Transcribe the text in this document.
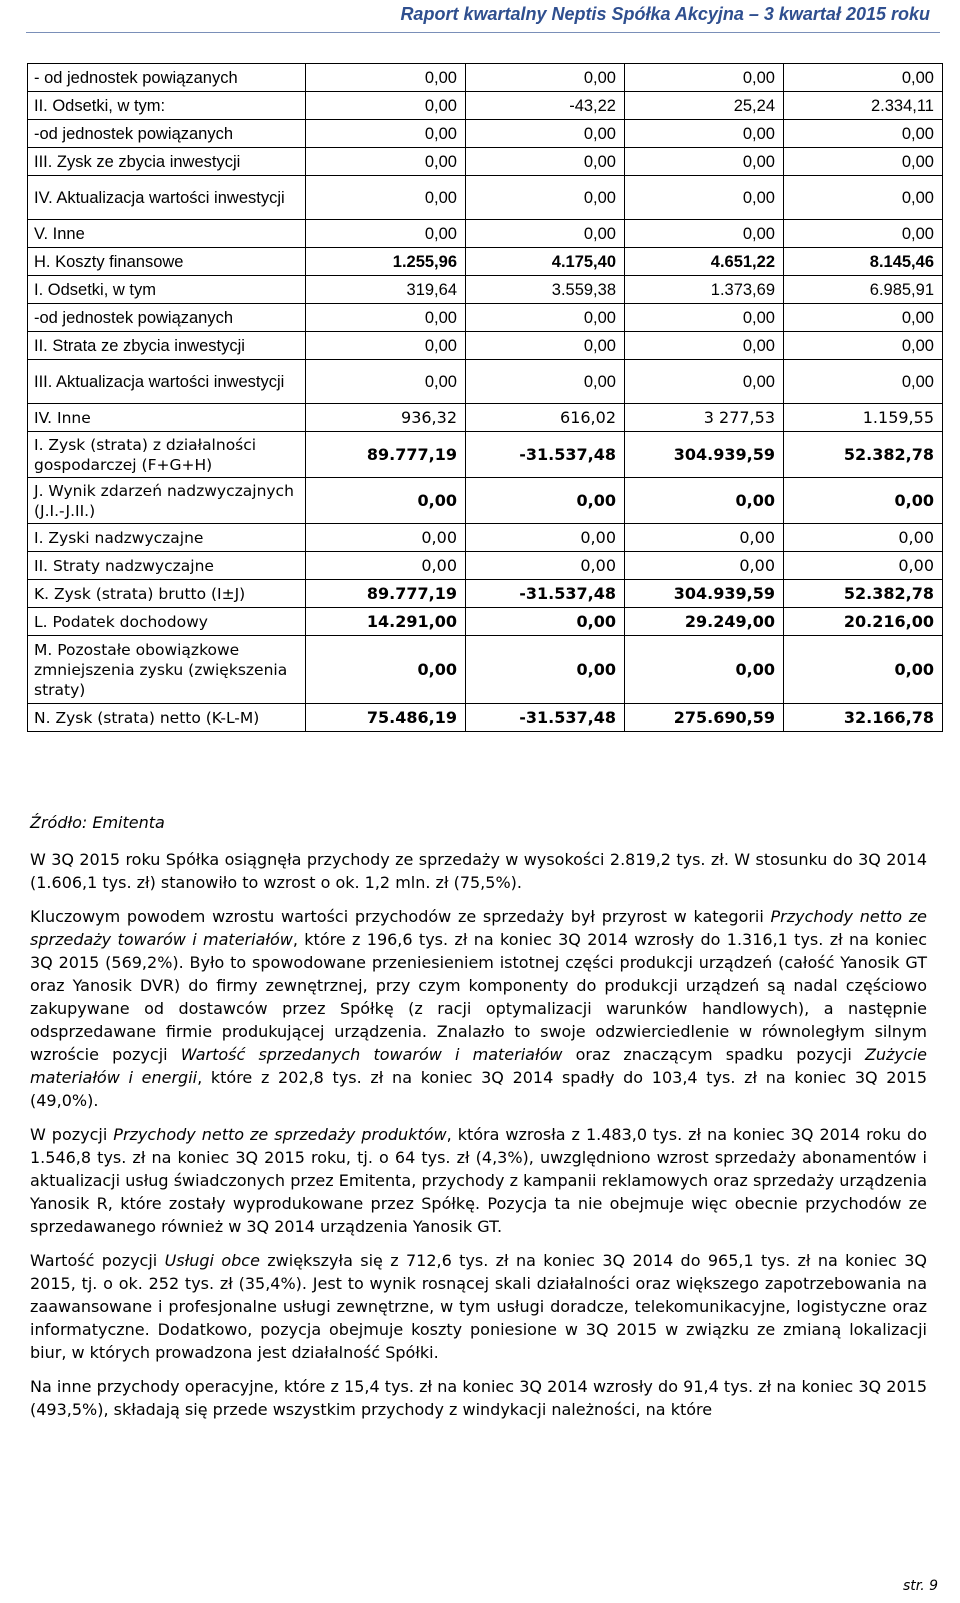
Raport kwartalny Neptis Spółka Akcyjna – 3 kwartał 2015 roku
- od jednostek powiązanych	0,00	0,00	0,00	0,00
II. Odsetki, w tym:	0,00	-43,22	25,24	2.334,11
-od jednostek powiązanych	0,00	0,00	0,00	0,00
III. Zysk ze zbycia inwestycji	0,00	0,00	0,00	0,00
IV. Aktualizacja wartości inwestycji	0,00	0,00	0,00	0,00
V. Inne	0,00	0,00	0,00	0,00
H. Koszty finansowe	1.255,96	4.175,40	4.651,22	8.145,46
I. Odsetki, w tym	319,64	3.559,38	1.373,69	6.985,91
-od jednostek powiązanych	0,00	0,00	0,00	0,00
II. Strata ze zbycia inwestycji	0,00	0,00	0,00	0,00
III. Aktualizacja wartości inwestycji	0,00	0,00	0,00	0,00
IV. Inne	936,32	616,02	3 277,53	1.159,55
I. Zysk (strata) z działalności gospodarczej (F+G+H)	89.777,19	-31.537,48	304.939,59	52.382,78
J. Wynik zdarzeń nadzwyczajnych (J.I.-J.II.)	0,00	0,00	0,00	0,00
I. Zyski nadzwyczajne	0,00	0,00	0,00	0,00
II. Straty nadzwyczajne	0,00	0,00	0,00	0,00
K. Zysk (strata) brutto (I±J)	89.777,19	-31.537,48	304.939,59	52.382,78
L. Podatek dochodowy	14.291,00	0,00	29.249,00	20.216,00
M. Pozostałe obowiązkowe zmniejszenia zysku (zwiększenia straty)	0,00	0,00	0,00	0,00
N. Zysk (strata) netto (K-L-M)	75.486,19	-31.537,48	275.690,59	32.166,78
Źródło: Emitenta

W 3Q 2015 roku Spółka osiągnęła przychody ze sprzedaży w wysokości 2.819,2 tys. zł. W stosunku do 3Q 2014 (1.606,1 tys. zł) stanowiło to wzrost o ok. 1,2 mln. zł (75,5%).

Kluczowym powodem wzrostu wartości przychodów ze sprzedaży był przyrost w kategorii Przychody netto ze sprzedaży towarów i materiałów, które z 196,6 tys. zł na koniec 3Q 2014 wzrosły do 1.316,1 tys. zł na koniec 3Q 2015 (569,2%). Było to spowodowane przeniesieniem istotnej części produkcji urządzeń (całość Yanosik GT oraz Yanosik DVR) do firmy zewnętrznej, przy czym komponenty do produkcji urządzeń są nadal częściowo zakupywane od dostawców przez Spółkę (z racji optymalizacji warunków handlowych), a następnie odsprzedawane firmie produkującej urządzenia. Znalazło to swoje odzwierciedlenie w równoległym silnym wzroście pozycji Wartość sprzedanych towarów i materiałów oraz znaczącym spadku pozycji Zużycie materiałów i energii, które z 202,8 tys. zł na koniec 3Q 2014 spadły do 103,4 tys. zł na koniec 3Q 2015 (49,0%).

W pozycji Przychody netto ze sprzedaży produktów, która wzrosła z 1.483,0 tys. zł na koniec 3Q 2014 roku do 1.546,8 tys. zł na koniec 3Q 2015 roku, tj. o 64 tys. zł (4,3%), uwzględniono wzrost sprzedaży abonamentów i aktualizacji usług świadczonych przez Emitenta, przychody z kampanii reklamowych oraz sprzedaży urządzenia Yanosik R, które zostały wyprodukowane przez Spółkę. Pozycja ta nie obejmuje więc obecnie przychodów ze sprzedawanego również w 3Q 2014 urządzenia Yanosik GT.

Wartość pozycji Usługi obce zwiększyła się z 712,6 tys. zł na koniec 3Q 2014 do 965,1 tys. zł na koniec 3Q 2015, tj. o ok. 252 tys. zł (35,4%). Jest to wynik rosnącej skali działalności oraz większego zapotrzebowania na zaawansowane i profesjonalne usługi zewnętrzne, w tym usługi doradcze, telekomunikacyjne, logistyczne oraz informatyczne. Dodatkowo, pozycja obejmuje koszty poniesione w 3Q 2015 w związku ze zmianą lokalizacji biur, w których prowadzona jest działalność Spółki.

Na inne przychody operacyjne, które z 15,4 tys. zł na koniec 3Q 2014 wzrosły do 91,4 tys. zł na koniec 3Q 2015 (493,5%), składają się przede wszystkim przychody z windykacji należności, na które

str. 9
